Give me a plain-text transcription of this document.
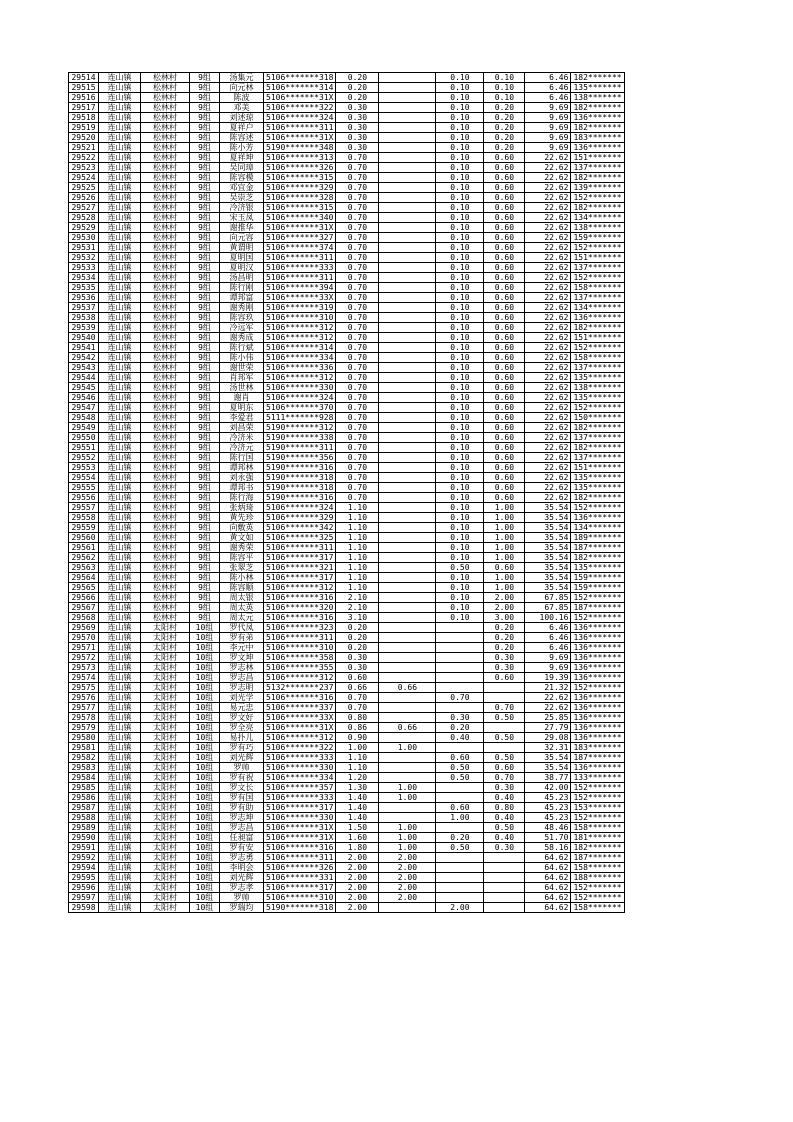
29514	连山镇	松林村	9组	汤集元	5106*******318	0.20		0.10	0.10	6.46	182*******
29515	连山镇	松林村	9组	向元林	5106*******314	0.20		0.10	0.10	6.46	135*******
29516	连山镇	松林村	9组	陈波	5106*******31X	0.20		0.10	0.10	6.46	138*******
29517	连山镇	松林村	9组	邓美	5106*******322	0.30		0.10	0.20	9.69	182*******
29518	连山镇	松林村	9组	刘述琼	5106*******324	0.30		0.10	0.20	9.69	136*******
29519	连山镇	松林村	9组	夏祥户	5106*******311	0.30		0.10	0.20	9.69	182*******
29520	连山镇	松林村	9组	陈容述	5106*******31X	0.30		0.10	0.20	9.69	183*******
29521	连山镇	松林村	9组	陈小芳	5190*******348	0.30		0.10	0.20	9.69	136*******
29522	连山镇	松林村	9组	夏祥坤	5106*******313	0.70		0.10	0.60	22.62	151*******
29523	连山镇	松林村	9组	吴同璋	5106*******326	0.70		0.10	0.60	22.62	137*******
29524	连山镇	松林村	9组	陈容模	5106*******315	0.70		0.10	0.60	22.62	182*******
29525	连山镇	松林村	9组	邓宜金	5106*******329	0.70		0.10	0.60	22.62	139*******
29526	连山镇	松林村	9组	吴崇芝	5106*******328	0.70		0.10	0.60	22.62	152*******
29527	连山镇	松林村	9组	冷济银	5106*******315	0.70		0.10	0.60	22.62	182*******
29528	连山镇	松林村	9组	宋玉凤	5106*******340	0.70		0.10	0.60	22.62	134*******
29529	连山镇	松林村	9组	谢推华	5106*******31X	0.70		0.10	0.60	22.62	138*******
29530	连山镇	松林村	9组	向元容	5106*******327	0.70		0.10	0.60	22.62	159*******
29531	连山镇	松林村	9组	黄谓明	5106*******374	0.70		0.10	0.60	22.62	152*******
29532	连山镇	松林村	9组	夏明国	5106*******311	0.70		0.10	0.60	22.62	151*******
29533	连山镇	松林村	9组	夏明汉	5106*******333	0.70		0.10	0.60	22.62	137*******
29534	连山镇	松林村	9组	汤昌明	5106*******311	0.70		0.10	0.60	22.62	152*******
29535	连山镇	松林村	9组	陈行刚	5106*******394	0.70		0.10	0.60	22.62	158*******
29536	连山镇	松林村	9组	谭邦富	5106*******33X	0.70		0.10	0.60	22.62	137*******
29537	连山镇	松林村	9组	谢秀刚	5106*******319	0.70		0.10	0.60	22.62	134*******
29538	连山镇	松林村	9组	陈容玖	5106*******310	0.70		0.10	0.60	22.62	136*******
29539	连山镇	松林村	9组	冷远军	5106*******312	0.70		0.10	0.60	22.62	182*******
29540	连山镇	松林村	9组	谢秀成	5106*******312	0.70		0.10	0.60	22.62	151*******
29541	连山镇	松林村	9组	陈行斌	5106*******314	0.70		0.10	0.60	22.62	152*******
29542	连山镇	松林村	9组	陈小伟	5106*******334	0.70		0.10	0.60	22.62	158*******
29543	连山镇	松林村	9组	谢世荣	5106*******336	0.70		0.10	0.60	22.62	137*******
29544	连山镇	松林村	9组	肖邦军	5106*******312	0.70		0.10	0.60	22.62	135*******
29545	连山镇	松林村	9组	汤世林	5106*******330	0.70		0.10	0.60	22.62	138*******
29546	连山镇	松林村	9组	谢肖	5106*******324	0.70		0.10	0.60	22.62	135*******
29547	连山镇	松林村	9组	夏明东	5106*******370	0.70		0.10	0.60	22.62	152*******
29548	连山镇	松林村	9组	李爱君	5111*******928	0.70		0.10	0.60	22.62	150*******
29549	连山镇	松林村	9组	刘昌荣	5190*******312	0.70		0.10	0.60	22.62	182*******
29550	连山镇	松林村	9组	冷济米	5190*******338	0.70		0.10	0.60	22.62	137*******
29551	连山镇	松林村	9组	冷济元	5190*******311	0.70		0.10	0.60	22.62	182*******
29552	连山镇	松林村	9组	陈行国	5190*******356	0.70		0.10	0.60	22.62	137*******
29553	连山镇	松林村	9组	谭邦林	5190*******316	0.70		0.10	0.60	22.62	151*******
29554	连山镇	松林村	9组	刘永强	5190*******318	0.70		0.10	0.60	22.62	135*******
29555	连山镇	松林村	9组	谭邦书	5190*******318	0.70		0.10	0.60	22.62	135*******
29556	连山镇	松林村	9组	陈行海	5190*******316	0.70		0.10	0.60	22.62	182*******
29557	连山镇	松林村	9组	张炳琦	5106*******324	1.10		0.10	1.00	35.54	152*******
29558	连山镇	松林村	9组	黄先珍	5106*******329	1.10		0.10	1.00	35.54	136*******
29559	连山镇	松林村	9组	向敷英	5106*******342	1.10		0.10	1.00	35.54	134*******
29560	连山镇	松林村	9组	黄文如	5106*******325	1.10		0.10	1.00	35.54	189*******
29561	连山镇	松林村	9组	谢秀荣	5106*******311	1.10		0.10	1.00	35.54	187*******
29562	连山镇	松林村	9组	陈容平	5106*******317	1.10		0.10	1.00	35.54	182*******
29563	连山镇	松林村	9组	张翠芝	5106*******321	1.10		0.50	0.60	35.54	135*******
29564	连山镇	松林村	9组	陈小林	5106*******317	1.10		0.10	1.00	35.54	159*******
29565	连山镇	松林村	9组	陈容顺	5106*******312	1.10		0.10	1.00	35.54	159*******
29566	连山镇	松林村	9组	周太银	5106*******316	2.10		0.10	2.00	67.85	152*******
29567	连山镇	松林村	9组	周太英	5106*******320	2.10		0.10	2.00	67.85	187*******
29568	连山镇	松林村	9组	周太元	5106*******316	3.10		0.10	3.00	100.16	152*******
29569	连山镇	太阳村	10组	罗代凤	5106*******323	0.20			0.20	6.46	136*******
29570	连山镇	太阳村	10组	罗有弟	5106*******311	0.20			0.20	6.46	136*******
29571	连山镇	太阳村	10组	李元中	5106*******310	0.20			0.20	6.46	136*******
29572	连山镇	太阳村	10组	罗文坤	5106*******358	0.30			0.30	9.69	136*******
29573	连山镇	太阳村	10组	罗志林	5106*******355	0.30			0.30	9.69	136*******
29574	连山镇	太阳村	10组	罗志昌	5106*******312	0.60			0.60	19.39	136*******
29575	连山镇	太阳村	10组	罗志明	5132*******237	0.66	0.66			21.32	152*******
29576	连山镇	太阳村	10组	刘光学	5106*******316	0.70		0.70		22.62	136*******
29577	连山镇	太阳村	10组	易元忠	5106*******337	0.70			0.70	22.62	136*******
29578	连山镇	太阳村	10组	罗文好	5106*******33X	0.80		0.30	0.50	25.85	136*******
29579	连山镇	太阳村	10组	罗全亮	5106*******31X	0.86	0.66	0.20		27.79	136*******
29580	连山镇	太阳村	10组	易扑儿	5106*******312	0.90		0.40	0.50	29.08	136*******
29581	连山镇	太阳村	10组	罗有巧	5106*******322	1.00	1.00			32.31	183*******
29582	连山镇	太阳村	10组	刘光辉	5106*******333	1.10		0.60	0.50	35.54	187*******
29583	连山镇	太阳村	10组	罗帅	5106*******330	1.10		0.50	0.60	35.54	136*******
29584	连山镇	太阳村	10组	罗有祝	5106*******334	1.20		0.50	0.70	38.77	133*******
29585	连山镇	太阳村	10组	罗文长	5106*******357	1.30	1.00		0.30	42.00	152*******
29586	连山镇	太阳村	10组	罗有国	5106*******333	1.40	1.00		0.40	45.23	152*******
29587	连山镇	太阳村	10组	罗有助	5106*******317	1.40		0.60	0.80	45.23	153*******
29588	连山镇	太阳村	10组	罗志坤	5106*******330	1.40		1.00	0.40	45.23	152*******
29589	连山镇	太阳村	10组	罗志昌	5106*******31X	1.50	1.00		0.50	48.46	158*******
29590	连山镇	太阳村	10组	任昶富	5106*******31X	1.60	1.00	0.20	0.40	51.70	181*******
29591	连山镇	太阳村	10组	罗有安	5106*******316	1.80	1.00	0.50	0.30	58.16	182*******
29592	连山镇	太阳村	10组	罗志勇	5106*******311	2.00	2.00			64.62	187*******
29594	连山镇	太阳村	10组	李明会	5106*******326	2.00	2.00			64.62	158*******
29595	连山镇	太阳村	10组	刘光辉	5106*******331	2.00	2.00			64.62	188*******
29596	连山镇	太阳村	10组	罗志孝	5106*******317	2.00	2.00			64.62	152*******
29597	连山镇	太阳村	10组	罗帅	5106*******310	2.00	2.00			64.62	152*******
29598	连山镇	太阳村	10组	罗瑞均	5190*******318	2.00		2.00		64.62	158*******
